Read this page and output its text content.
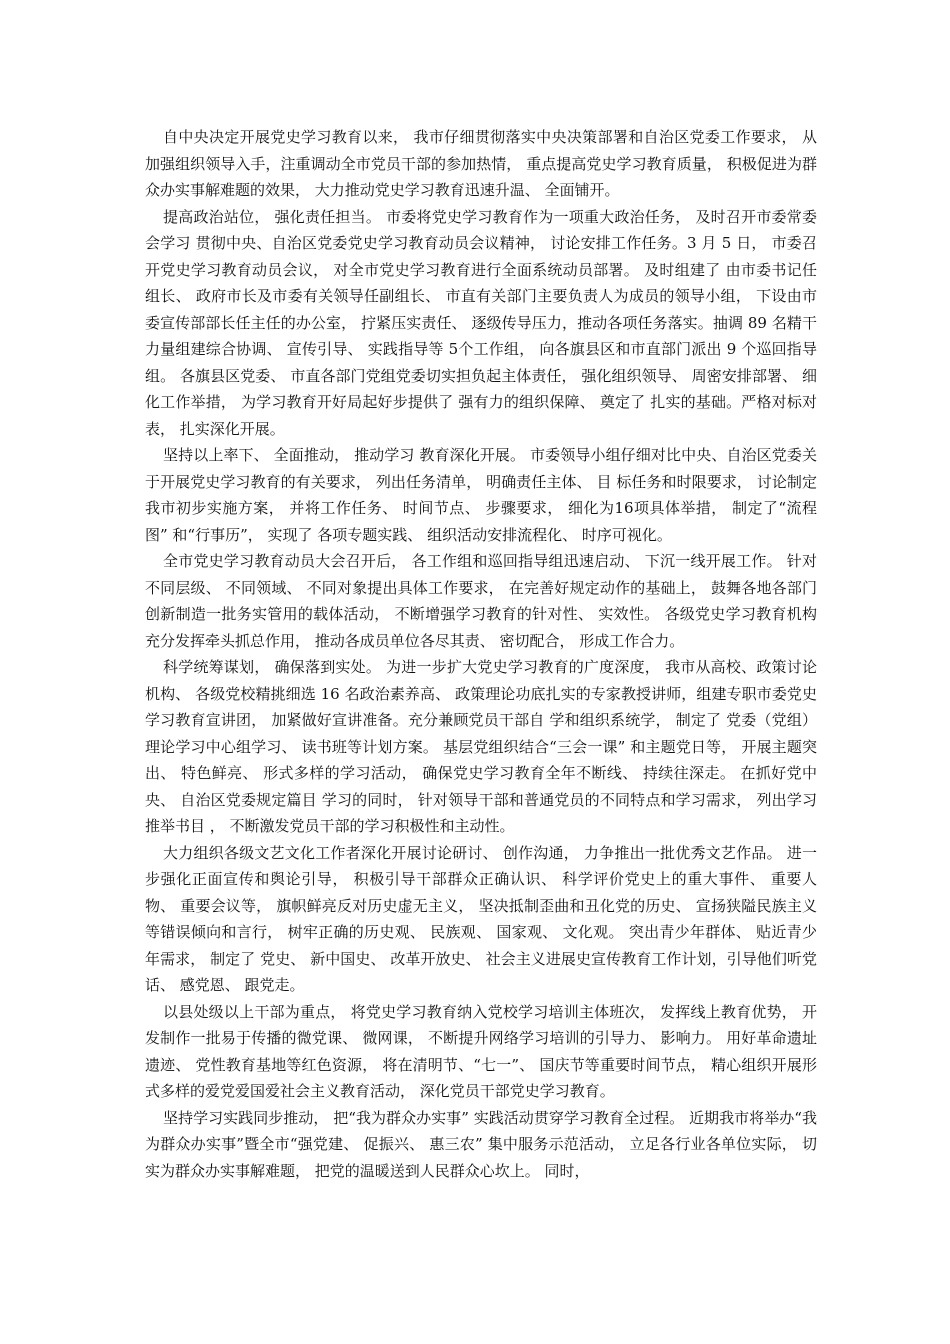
自中央决定开展党史学习教育以来， 我市仔细贯彻落实中央决策部署和自治区党委工作要求， 从加强组织领导入手，注重调动全市党员干部的参加热情， 重点提高党史学习教育质量， 积极促进为群众办实事解难题的效果， 大力推动党史学习教育迅速升温、 全面铺开。

提高政治站位， 强化责任担当。 市委将党史学习教育作为一项重大政治任务， 及时召开市委常委会学习 贯彻中央、自治区党委党史学习教育动员会议精神， 讨论安排工作任务。3 月 5 日， 市委召开党史学习教育动员会议， 对全市党史学习教育进行全面系统动员部署。 及时组建了 由市委书记任组长、 政府市长及市委有关领导任副组长、 市直有关部门主要负责人为成员的领导小组， 下设由市委宣传部部长任主任的办公室， 拧紧压实责任、 逐级传导压力，推动各项任务落实。抽调 89 名精干力量组建综合协调、 宣传引导、 实践指导等 5个工作组， 向各旗县区和市直部门派出 9 个巡回指导组。 各旗县区党委、 市直各部门党组党委切实担负起主体责任， 强化组织领导、 周密安排部署、 细化工作举措， 为学习教育开好局起好步提供了 强有力的组织保障、 奠定了 扎实的基础。严格对标对表， 扎实深化开展。

坚持以上率下、 全面推动， 推动学习 教育深化开展。 市委领导小组仔细对比中央、自治区党委关于开展党史学习教育的有关要求， 列出任务清单， 明确责任主体、 目 标任务和时限要求， 讨论制定我市初步实施方案， 并将工作任务、 时间节点、 步骤要求， 细化为16项具体举措， 制定了“流程图” 和“行事历”， 实现了 各项专题实践、 组织活动安排流程化、 时序可视化。

全市党史学习教育动员大会召开后， 各工作组和巡回指导组迅速启动、 下沉一线开展工作。 针对不同层级、 不同领域、 不同对象提出具体工作要求， 在完善好规定动作的基础上， 鼓舞各地各部门创新制造一批务实管用的载体活动， 不断增强学习教育的针对性、 实效性。 各级党史学习教育机构充分发挥牵头抓总作用， 推动各成员单位各尽其责、 密切配合， 形成工作合力。

科学统筹谋划， 确保落到实处。 为进一步扩大党史学习教育的广度深度， 我市从高校、政策讨论机构、 各级党校精挑细选 16 名政治素养高、 政策理论功底扎实的专家教授讲师，组建专职市委党史学习教育宣讲团， 加紧做好宣讲准备。充分兼顾党员干部自 学和组织系统学， 制定了 党委（党组）理论学习中心组学习、 读书班等计划方案。 基层党组织结合“三会一课” 和主题党日等， 开展主题突出、 特色鲜亮、 形式多样的学习活动， 确保党史学习教育全年不断线、 持续往深走。 在抓好党中央、 自治区党委规定篇目 学习的同时， 针对领导干部和普通党员的不同特点和学习需求， 列出学习推举书目 ， 不断激发党员干部的学习积极性和主动性。

大力组织各级文艺文化工作者深化开展讨论研讨、 创作沟通， 力争推出一批优秀文艺作品。 进一步强化正面宣传和舆论引导， 积极引导干部群众正确认识、 科学评价党史上的重大事件、 重要人物、 重要会议等， 旗帜鲜亮反对历史虚无主义， 坚决抵制歪曲和丑化党的历史、 宣扬狭隘民族主义等错误倾向和言行， 树牢正确的历史观、 民族观、 国家观、 文化观。 突出青少年群体、 贴近青少年需求， 制定了 党史、 新中国史、 改革开放史、 社会主义进展史宣传教育工作计划，引导他们听党话、 感党恩、 跟党走。

以县处级以上干部为重点， 将党史学习教育纳入党校学习培训主体班次， 发挥线上教育优势， 开发制作一批易于传播的微党课、 微网课， 不断提升网络学习培训的引导力、 影响力。 用好革命遗址遗迹、 党性教育基地等红色资源， 将在清明节、“七一”、 国庆节等重要时间节点， 精心组织开展形式多样的爱党爱国爱社会主义教育活动， 深化党员干部党史学习教育。

坚持学习实践同步推动， 把“我为群众办实事” 实践活动贯穿学习教育全过程。 近期我市将举办“我为群众办实事”暨全市“强党建、 促振兴、 惠三农” 集中服务示范活动， 立足各行业各单位实际， 切实为群众办实事解难题， 把党的温暖送到人民群众心坎上。 同时，
